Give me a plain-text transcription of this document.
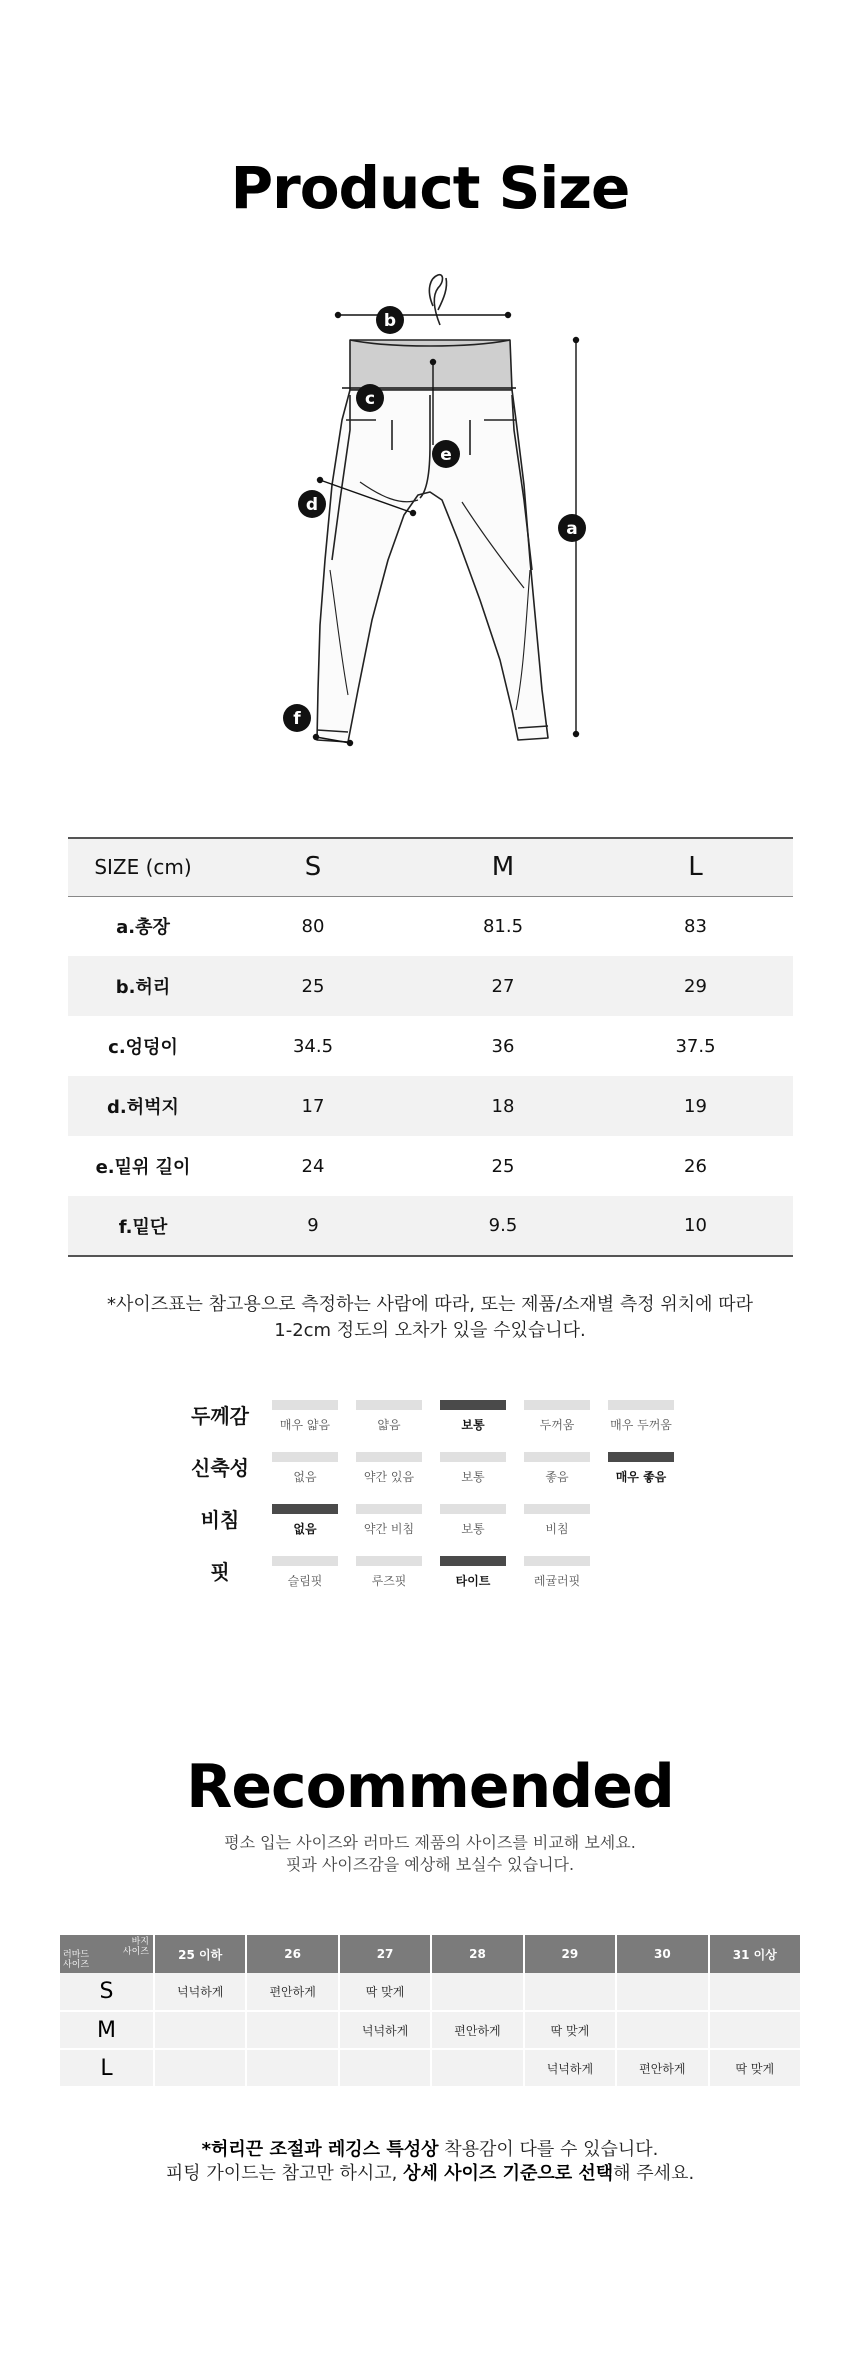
Product Size
b
c
e
d
a
f
SIZE (cm)	S	M	L
a.총장	80	81.5	83
b.허리	25	27	29
c.엉덩이	34.5	36	37.5
d.허벅지	17	18	19
e.밑위 길이	24	25	26
f.밑단	9	9.5	10
*사이즈표는 참고용으로 측정하는 사람에 따라, 또는 제품/소재별 측정 위치에 따라
1-2cm 정도의 오차가 있을 수있습니다.
두께감	매우 얇음	얇음	보통	두꺼움	매우 두꺼움
신축성	없음	약간 있음	보통	좋음	매우 좋음
비침	없음	약간 비침	보통	비침
핏	슬림핏	루즈핏	타이트	레귤러핏
Recommended
평소 입는 사이즈와 러마드 제품의 사이즈를 비교해 보세요.
핏과 사이즈감을 예상해 보실수 있습니다.
바지
사이즈
러마드
사이즈	25 이하	26	27	28	29	30	31 이상
S	넉넉하게	편안하게	딱 맞게				
M			넉넉하게	편안하게	딱 맞게		
L					넉넉하게	편안하게	딱 맞게
*허리끈 조절과 레깅스 특성상 착용감이 다를 수 있습니다.
피팅 가이드는 참고만 하시고, 상세 사이즈 기준으로 선택해 주세요.
